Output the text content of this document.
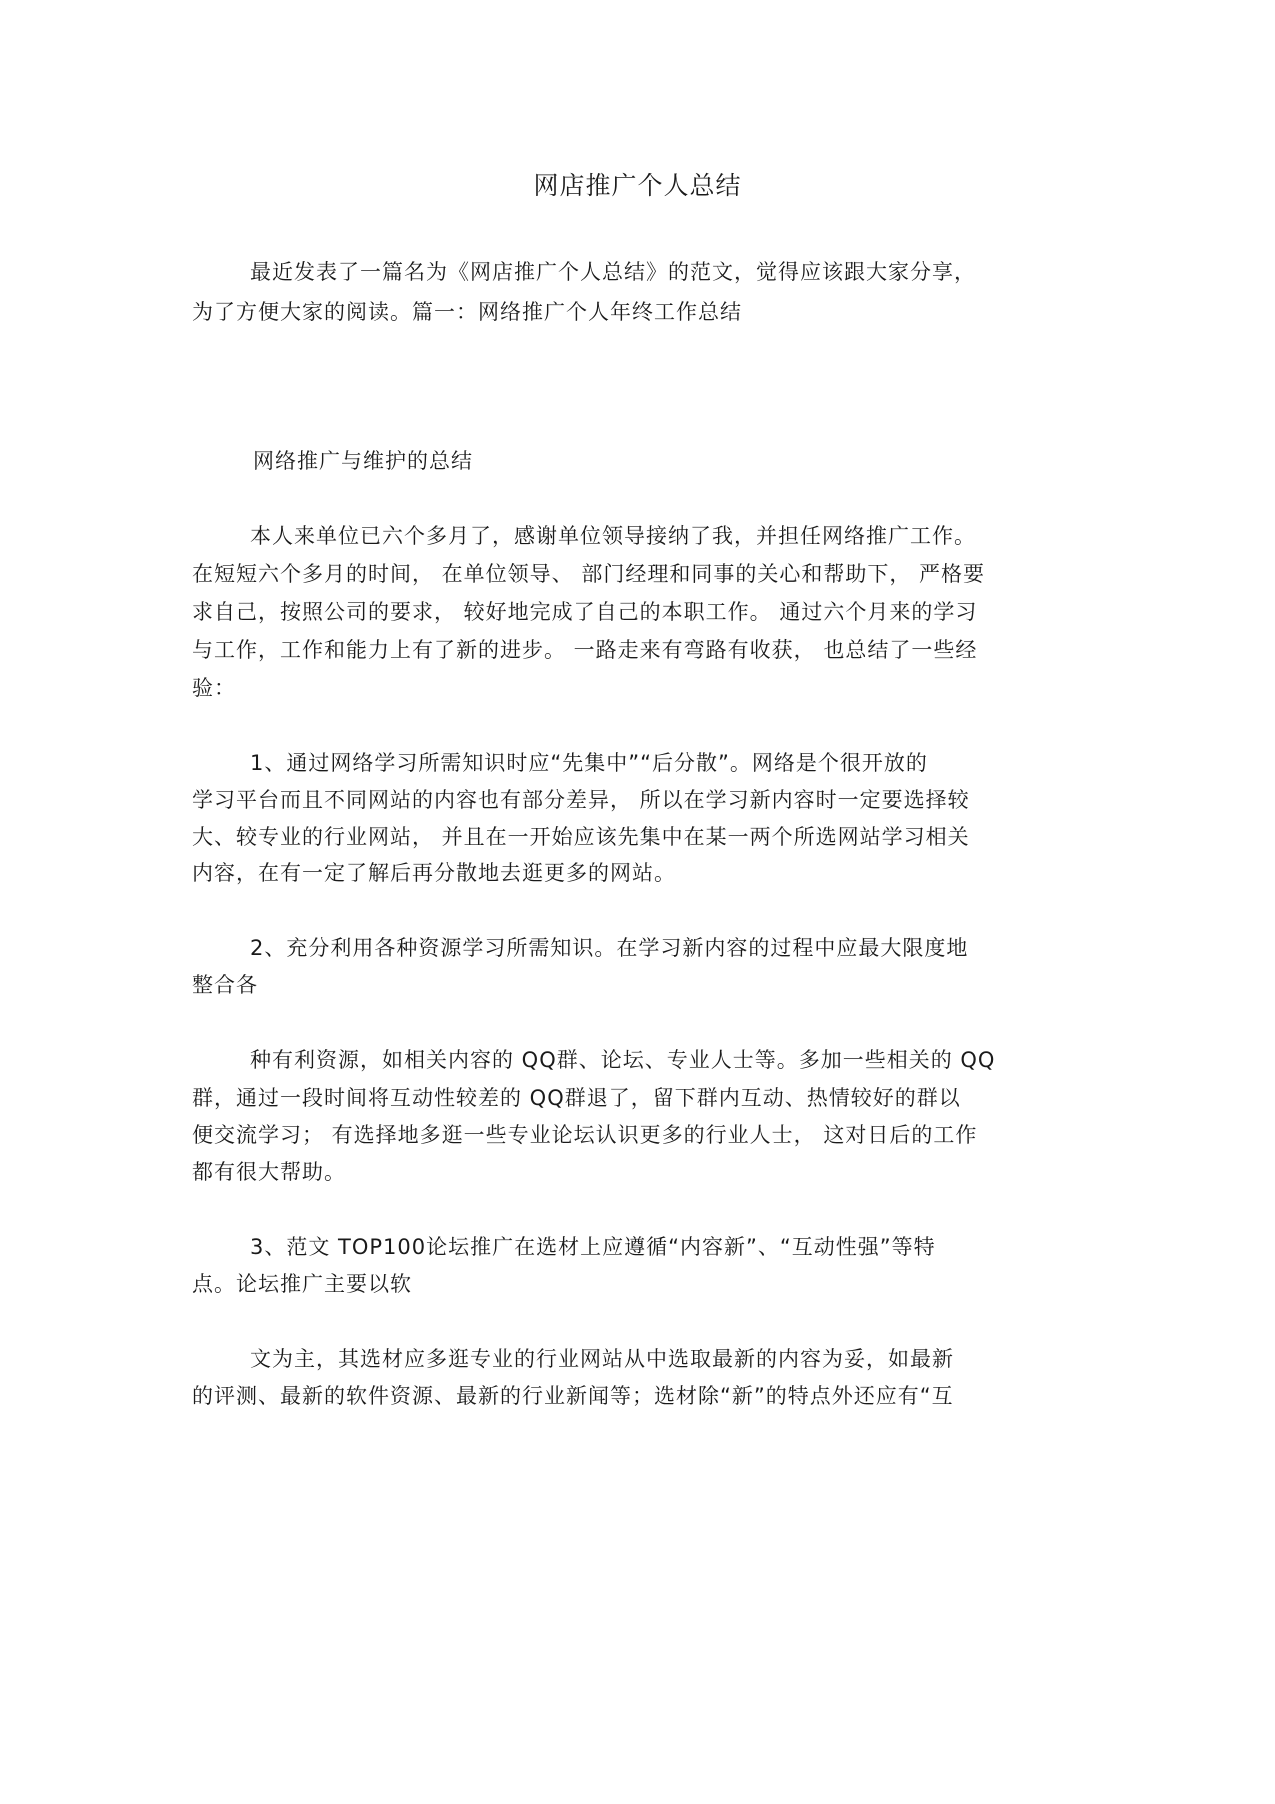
网店推广个人总结
最近发表了一篇名为《网店推广个人总结》的范文，觉得应该跟大家分享，
为了方便大家的阅读。篇一：网络推广个人年终工作总结
网络推广与维护的总结
本人来单位已六个多月了，感谢单位领导接纳了我，并担任网络推广工作。
在短短六个多月的时间， 在单位领导、 部门经理和同事的关心和帮助下， 严格要
求自己，按照公司的要求， 较好地完成了自己的本职工作。 通过六个月来的学习
与工作，工作和能力上有了新的进步。 一路走来有弯路有收获， 也总结了一些经
验：
1、通过网络学习所需知识时应“先集中”“后分散”。网络是个很开放的
学习平台而且不同网站的内容也有部分差异， 所以在学习新内容时一定要选择较
大、较专业的行业网站， 并且在一开始应该先集中在某一两个所选网站学习相关
内容，在有一定了解后再分散地去逛更多的网站。
2、充分利用各种资源学习所需知识。在学习新内容的过程中应最大限度地
整合各
种有利资源，如相关内容的 QQ群、论坛、专业人士等。多加一些相关的 QQ
群，通过一段时间将互动性较差的 QQ群退了，留下群内互动、热情较好的群以
便交流学习； 有选择地多逛一些专业论坛认识更多的行业人士， 这对日后的工作
都有很大帮助。
3、范文 TOP100论坛推广在选材上应遵循“内容新”、“互动性强”等特
点。论坛推广主要以软
文为主，其选材应多逛专业的行业网站从中选取最新的内容为妥，如最新
的评测、最新的软件资源、最新的行业新闻等；选材除“新”的特点外还应有“互
